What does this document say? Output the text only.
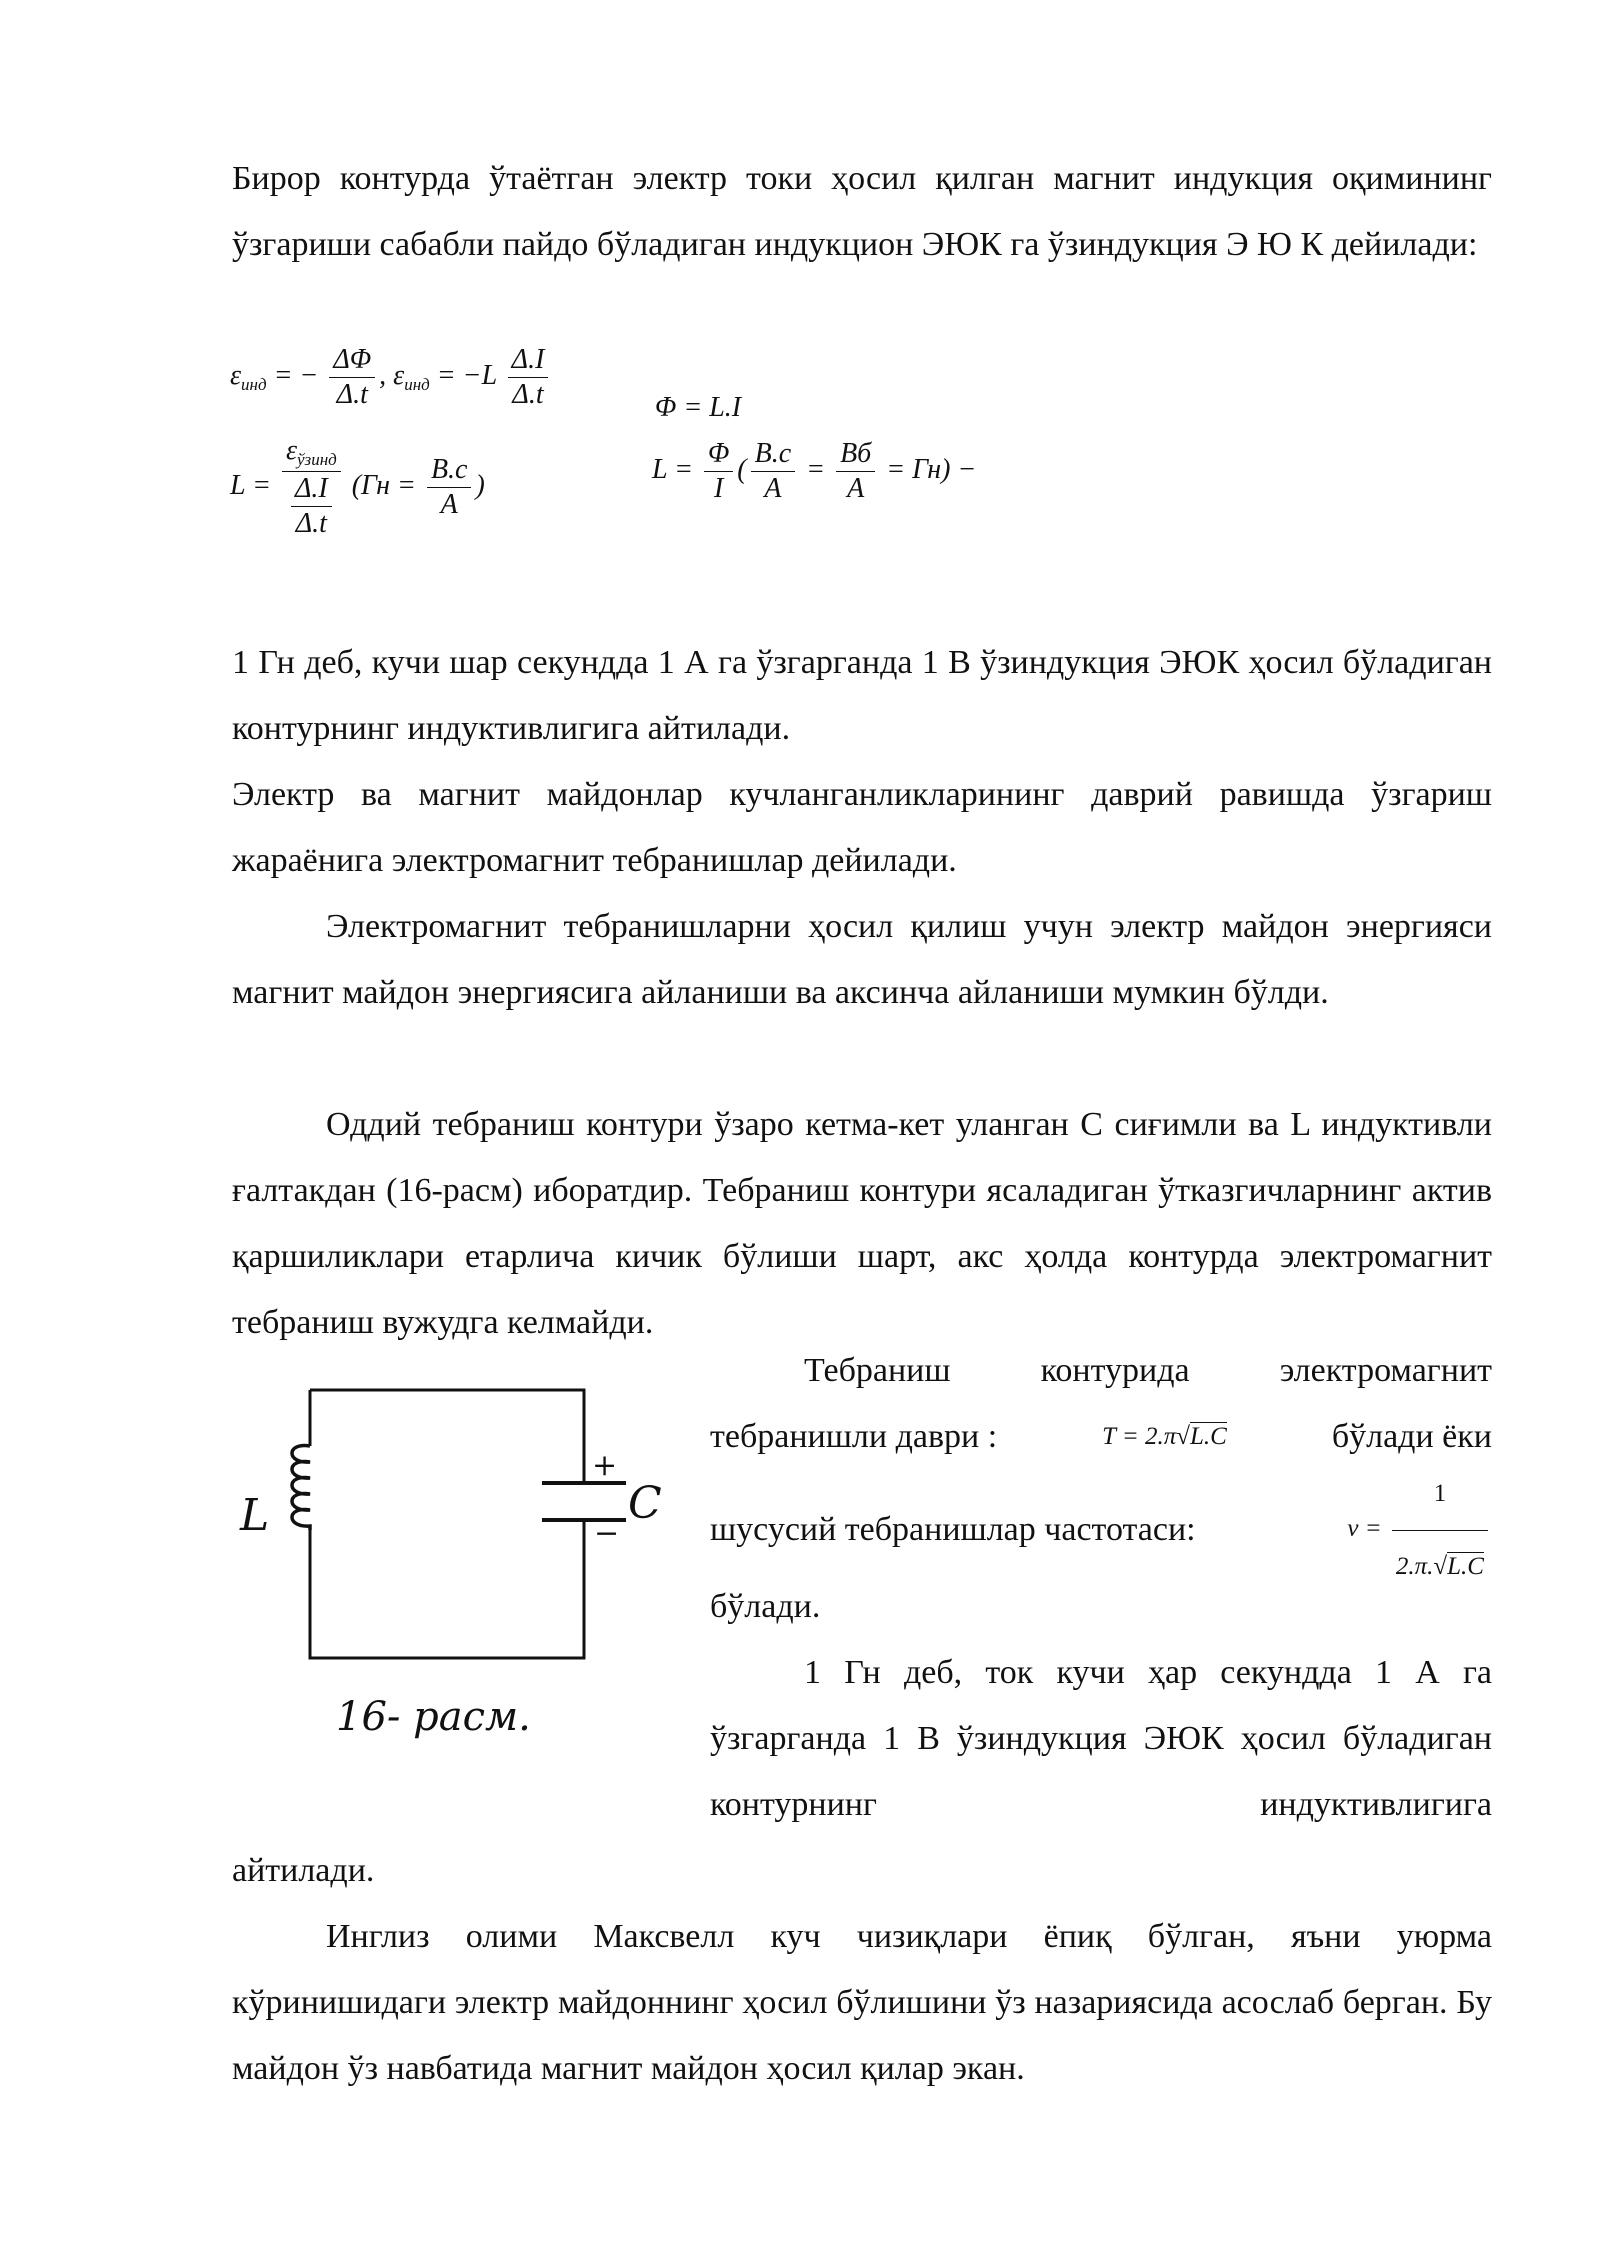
Бирор контурда ўтаётган электр токи ҳосил қилган магнит индукция оқимининг ўзгариши сабабли пайдо бўладиган индукцион ЭЮК га ўзиндукция Э Ю К дейилади:

$\varepsilon_{инд}$ = − $\frac{\Delta\Phi}{\Delta.t}$ , $\varepsilon_{инд} = -L \frac{\Delta.I}{\Delta.t}$	Φ = L.I
$L = \frac{\varepsilon_{ўзинд}}{\frac{\Delta.I}{\Delta.t}} (Гн = \frac{B.c}{A}$ )
$L = \frac{\Phi}{I}$ ( $\frac{B.c}{A} = \frac{Вб}{A} = Гн$) −

1 Гн деб, кучи шар секундда 1 А га ўзгарганда 1 В ўзиндукция ЭЮК ҳосил бўладиган контурнинг индуктивлигига айтилади.

Электр ва магнит майдонлар кучланганликларининг даврий равишда ўзгариш жараёнига электромагнит тебранишлар дейилади.

Электромагнит тебранишларни ҳосил қилиш учун электр майдон энергияси магнит майдон энергиясига айланиши ва аксинча айланиши мумкин бўлди.

Оддий тебраниш контури ўзаро кетма-кет уланган С сиғимли ва L индуктивли ғалтакдан (16-расм) иборатдир. Тебраниш контури ясаладиган ўтказгичларнинг актив қаршиликлари етарлича кичик бўлиши шарт, акс ҳолда контурда электромагнит тебраниш вужудга келмайди.

L	C
+
−
16- расм.

Тебраниш контурида электромагнит

тебранишли даври :	T = 2.π√L.C	бўлади ёки
шусусий тебранишлар частотаси:	$\nu = \frac{1}{2.\pi.√L.C}$

бўлади.

1 Гн деб, ток кучи ҳар секундда 1 А га ўзгарганда 1 В ўзиндукция ЭЮК ҳосил бўладиган контурнинг индуктивлигига

айтилади.

Инглиз олими Максвелл куч чизиқлари ёпиқ бўлган, яъни уюрма кўринишидаги электр майдоннинг ҳосил бўлишини ўз назариясида асослаб берган. Бу майдон ўз навбатида магнит майдон ҳосил қилар экан.
